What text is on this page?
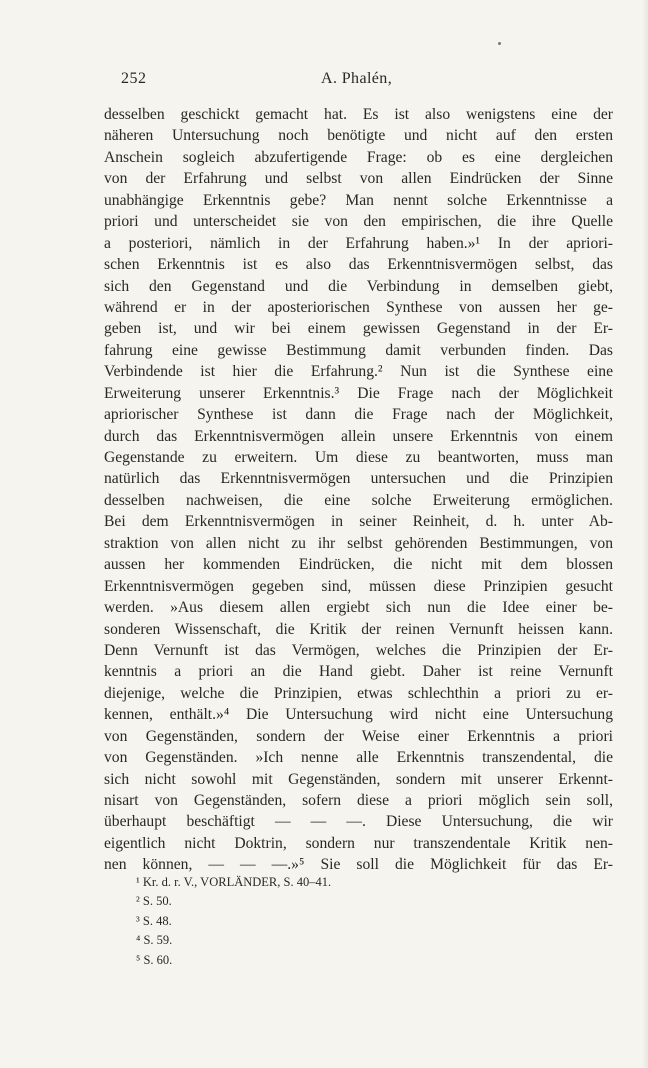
252	A. Phalén,
desselben geschickt gemacht hat. Es ist also wenigstens eine der
näheren Untersuchung noch benötigte und nicht auf den ersten
Anschein sogleich abzufertigende Frage: ob es eine dergleichen
von der Erfahrung und selbst von allen Eindrücken der Sinne
unabhängige Erkenntnis gebe? Man nennt solche Erkenntnisse a
priori und unterscheidet sie von den empirischen, die ihre Quelle
a posteriori, nämlich in der Erfahrung haben.»¹ In der apriori-
schen Erkenntnis ist es also das Erkenntnisvermögen selbst, das
sich den Gegenstand und die Verbindung in demselben giebt,
während er in der aposteriorischen Synthese von aussen her ge-
geben ist, und wir bei einem gewissen Gegenstand in der Er-
fahrung eine gewisse Bestimmung damit verbunden finden. Das
Verbindende ist hier die Erfahrung.² Nun ist die Synthese eine
Erweiterung unserer Erkenntnis.³ Die Frage nach der Möglichkeit
apriorischer Synthese ist dann die Frage nach der Möglichkeit,
durch das Erkenntnisvermögen allein unsere Erkenntnis von einem
Gegenstande zu erweitern. Um diese zu beantworten, muss man
natürlich das Erkenntnisvermögen untersuchen und die Prinzipien
desselben nachweisen, die eine solche Erweiterung ermöglichen.
Bei dem Erkenntnisvermögen in seiner Reinheit, d. h. unter Ab-
straktion von allen nicht zu ihr selbst gehörenden Bestimmungen, von
aussen her kommenden Eindrücken, die nicht mit dem blossen
Erkenntnisvermögen gegeben sind, müssen diese Prinzipien gesucht
werden. »Aus diesem allen ergiebt sich nun die Idee einer be-
sonderen Wissenschaft, die Kritik der reinen Vernunft heissen kann.
Denn Vernunft ist das Vermögen, welches die Prinzipien der Er-
kenntnis a priori an die Hand giebt. Daher ist reine Vernunft
diejenige, welche die Prinzipien, etwas schlechthin a priori zu er-
kennen, enthält.»⁴ Die Untersuchung wird nicht eine Untersuchung
von Gegenständen, sondern der Weise einer Erkenntnis a priori
von Gegenständen. »Ich nenne alle Erkenntnis transzendental, die
sich nicht sowohl mit Gegenständen, sondern mit unserer Erkennt-
nisart von Gegenständen, sofern diese a priori möglich sein soll,
überhaupt beschäftigt — — —. Diese Untersuchung, die wir
eigentlich nicht Doktrin, sondern nur transzendentale Kritik nen-
nen können, — — —.»⁵ Sie soll die Möglichkeit für das Er-
¹ Kr. d. r. V., VORLÄNDER, S. 40–41.
² S. 50.
³ S. 48.
⁴ S. 59.
⁵ S. 60.
